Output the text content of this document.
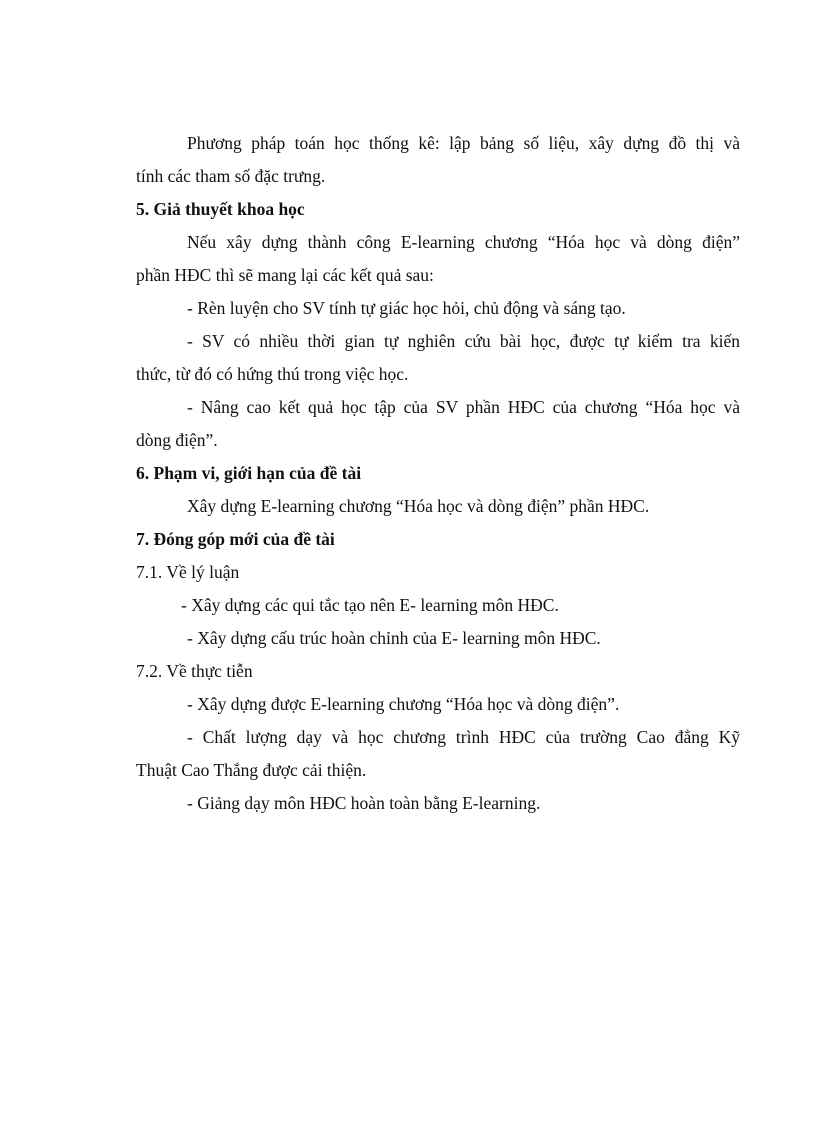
Phương pháp toán học thống kê: lập bảng số liệu, xây dựng đồ thị và
tính các tham số đặc trưng.
5. Giả thuyết khoa học
Nếu xây dựng thành công E-learning chương “Hóa học và dòng điện”
phần HĐC thì sẽ mang lại các kết quả sau:
- Rèn luyện cho SV tính tự giác học hỏi, chủ động và sáng tạo.
- SV có nhiều thời gian tự nghiên cứu bài học, được tự kiểm tra kiến
thức, từ đó có hứng thú trong việc học.
- Nâng cao kết quả học tập của SV phần HĐC của chương “Hóa học và
dòng điện”.
6. Phạm vi, giới hạn của đề tài
Xây dựng E-learning chương “Hóa học và dòng điện” phần HĐC.
7. Đóng góp mới của đề tài
7.1. Về lý luận
- Xây dựng các qui tắc tạo nên E- learning môn HĐC.
- Xây dựng cấu trúc hoàn chỉnh của E- learning môn HĐC.
7.2. Về thực tiễn
- Xây dựng được E-learning chương “Hóa học và dòng điện”.
- Chất lượng dạy và học chương trình HĐC của trường Cao đẳng Kỹ
Thuật Cao Thắng được cải thiện.
- Giảng dạy môn HĐC hoàn toàn bằng E-learning.
